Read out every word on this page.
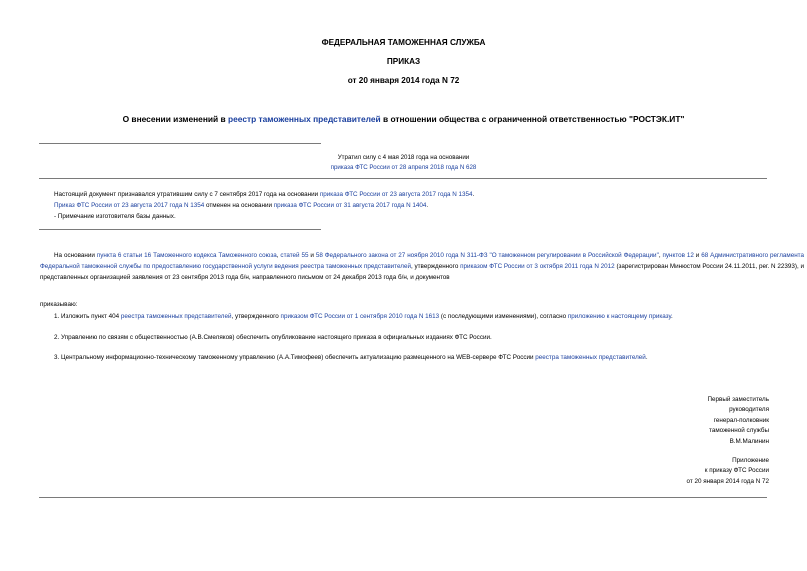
ФЕДЕРАЛЬНАЯ ТАМОЖЕННАЯ СЛУЖБА
ПРИКАЗ
от 20 января 2014 года N 72
О внесении изменений в реестр таможенных представителей в отношении общества с ограниченной ответственностью "РОСТЭК.ИТ"
Утратил силу с 4 мая 2018 года на основании
приказа ФТС России от 28 апреля 2018 года N 628
Настоящий документ признавался утратившим силу с 7 сентября 2017 года на основании приказа ФТС России от 23 августа 2017 года N 1354.
Приказ ФТС России от 23 августа 2017 года N 1354 отменен на основании приказа ФТС России от 31 августа 2017 года N 1404.
- Примечание изготовителя базы данных.
На основании пункта 6 статьи 16 Таможенного кодекса Таможенного союза, статей 55 и 58 Федерального закона от 27 ноября 2010 года N 311-ФЗ "О таможенном регулировании в Российской Федерации", пунктов 12 и 68 Административного регламента Федеральной таможенной службы по предоставлению государственной услуги ведения реестра таможенных представителей, утвержденного приказом ФТС России от 3 октября 2011 года N 2012 (зарегистрирован Минюстом России 24.11.2011, рег. N 22393), и представленных организацией заявления от 23 сентября 2013 года б/н, направленного письмом от 24 декабря 2013 года б/н, и документов
приказываю:
1. Изложить пункт 404 реестра таможенных представителей, утвержденного приказом ФТС России от 1 сентября 2010 года N 1613 (с последующими изменениями), согласно приложению к настоящему приказу.
2. Управлению по связям с общественностью (А.В.Смеляков) обеспечить опубликование настоящего приказа в официальных изданиях ФТС России.
3. Центральному информационно-техническому таможенному управлению (А.А.Тимофеев) обеспечить актуализацию размещенного на WEB-сервере ФТС России реестра таможенных представителей.
Первый заместитель
руководителя
генерал-полковник
таможенной службы
В.М.Малинин
Приложение
к приказу ФТС России
от 20 января 2014 года N 72
